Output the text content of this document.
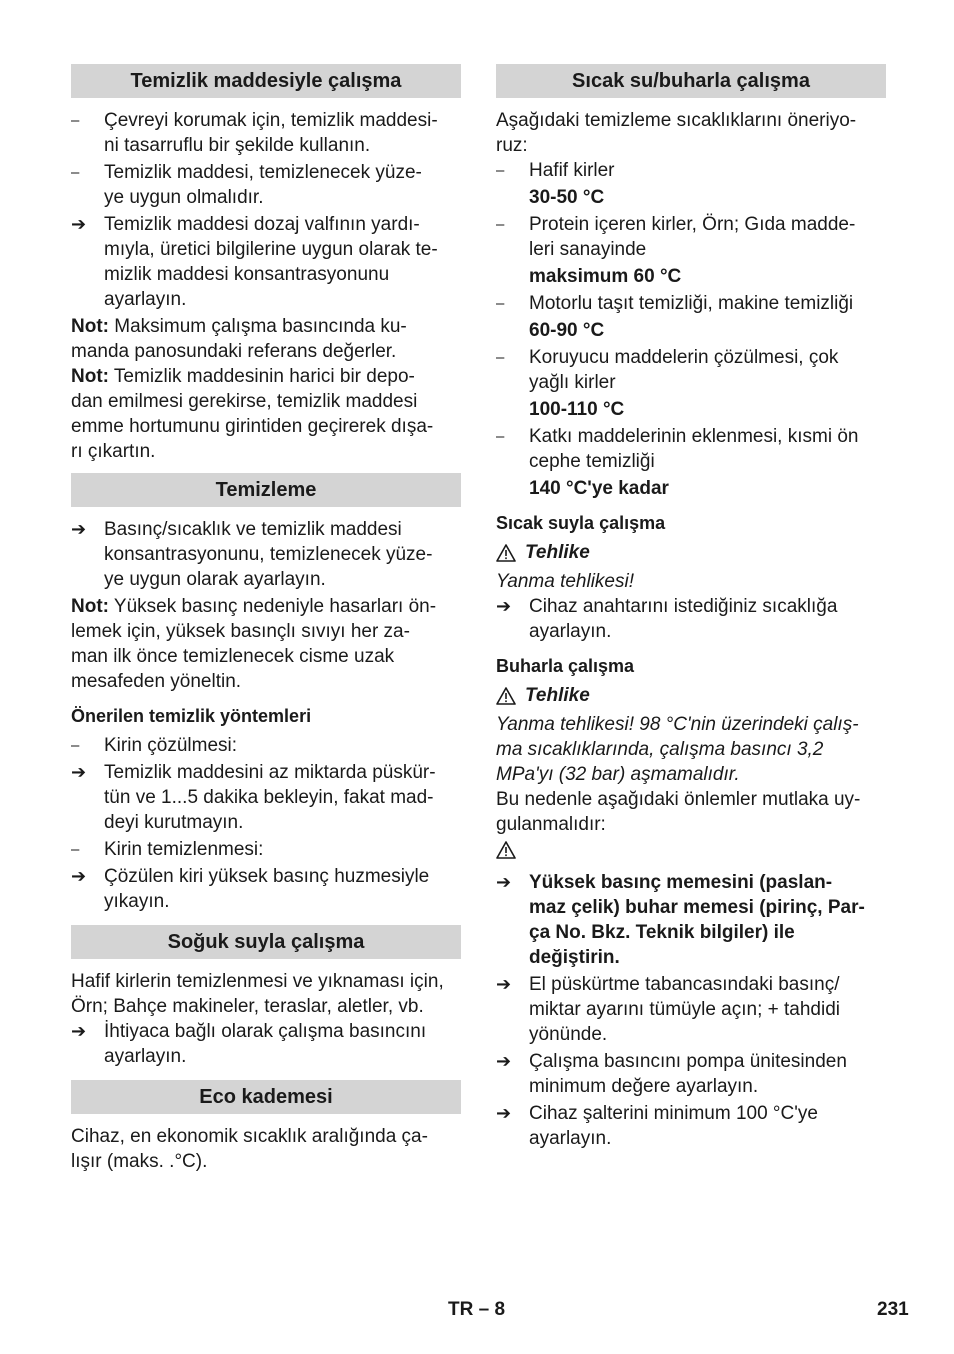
Temizlik maddesiyle çalışma
–	Çevreyi korumak için, temizlik maddesi-
ni tasarruflu bir şekilde kullanın.
–	Temizlik maddesi, temizlenecek yüze-
ye uygun olmalıdır.
➔ Temizlik maddesi dozaj valfının yardı-
mıyla, üretici bilgilerine uygun olarak te-
mizlik maddesi konsantrasyonunu
ayarlayın.

Not: Maksimum çalışma basıncında ku-
manda panosundaki referans değerler.

Not: Temizlik maddesinin harici bir depo-
dan emilmesi gerekirse, temizlik maddesi
emme hortumunu girintiden geçirerek dışa-
rı çıkartın.

Temizleme
➔ Basınç/sıcaklık ve temizlik maddesi
konsantrasyonunu, temizlenecek yüze-
ye uygun olarak ayarlayın.

Not: Yüksek basınç nedeniyle hasarları ön-
lemek için, yüksek basınçlı sıvıyı her za-
man ilk önce temizlenecek cisme uzak
mesafeden yöneltin.

Önerilen temizlik yöntemleri
–	Kirin çözülmesi:
➔ Temizlik maddesini az miktarda püskür-
tün ve 1...5 dakika bekleyin, fakat mad-
deyi kurutmayın.
–	Kirin temizlenmesi:
➔ Çözülen kiri yüksek basınç huzmesiyle
yıkayın.
Soğuk suyla çalışma

Hafif kirlerin temizlenmesi ve yıknaması için,
Örn; Bahçe makineler, teraslar, aletler, vb.

➔ İhtiyaca bağlı olarak çalışma basıncını
ayarlayın.
Eco kademesi

Cihaz, en ekonomik sıcaklık aralığında ça-
lışır (maks. .°C).

Sıcak su/buharla çalışma

Aşağıdaki temizleme sıcaklıklarını öneriyo-
ruz:

–	Hafif kirler
30-50 °C
–	Protein içeren kirler, Örn; Gıda madde-
leri sanayinde
maksimum 60 °C
–	Motorlu taşıt temizliği, makine temizliği
60-90 °C
–	Koruyucu maddelerin çözülmesi, çok
yağlı kirler
100-110 °C
–	Katkı maddelerinin eklenmesi, kısmi ön
cephe temizliği
140 °C'ye kadar
Sıcak suyla çalışma
Tehlike

Yanma tehlikesi!

➔ Cihaz anahtarını istediğiniz sıcaklığa
ayarlayın.
Buharla çalışma
Tehlike

Yanma tehlikesi! 98 °C'nin üzerindeki çalış-
ma sıcaklıklarında, çalışma basıncı 3,2
MPa'yı (32 bar) aşmamalıdır.

Bu nedenle aşağıdaki önlemler mutlaka uy-
gulanmalıdır:

➔ Yüksek basınç memesini (paslan-
maz çelik) buhar memesi (pirinç, Par-
ça No. Bkz. Teknik bilgiler) ile
değiştirin.
➔ El püskürtme tabancasındaki basınç/
miktar ayarını tümüyle açın; + tahdidi
yönünde.
➔ Çalışma basıncını pompa ünitesinden
minimum değere ayarlayın.
➔ Cihaz şalterini minimum 100 °C'ye
ayarlayın.
TR – 8	231
